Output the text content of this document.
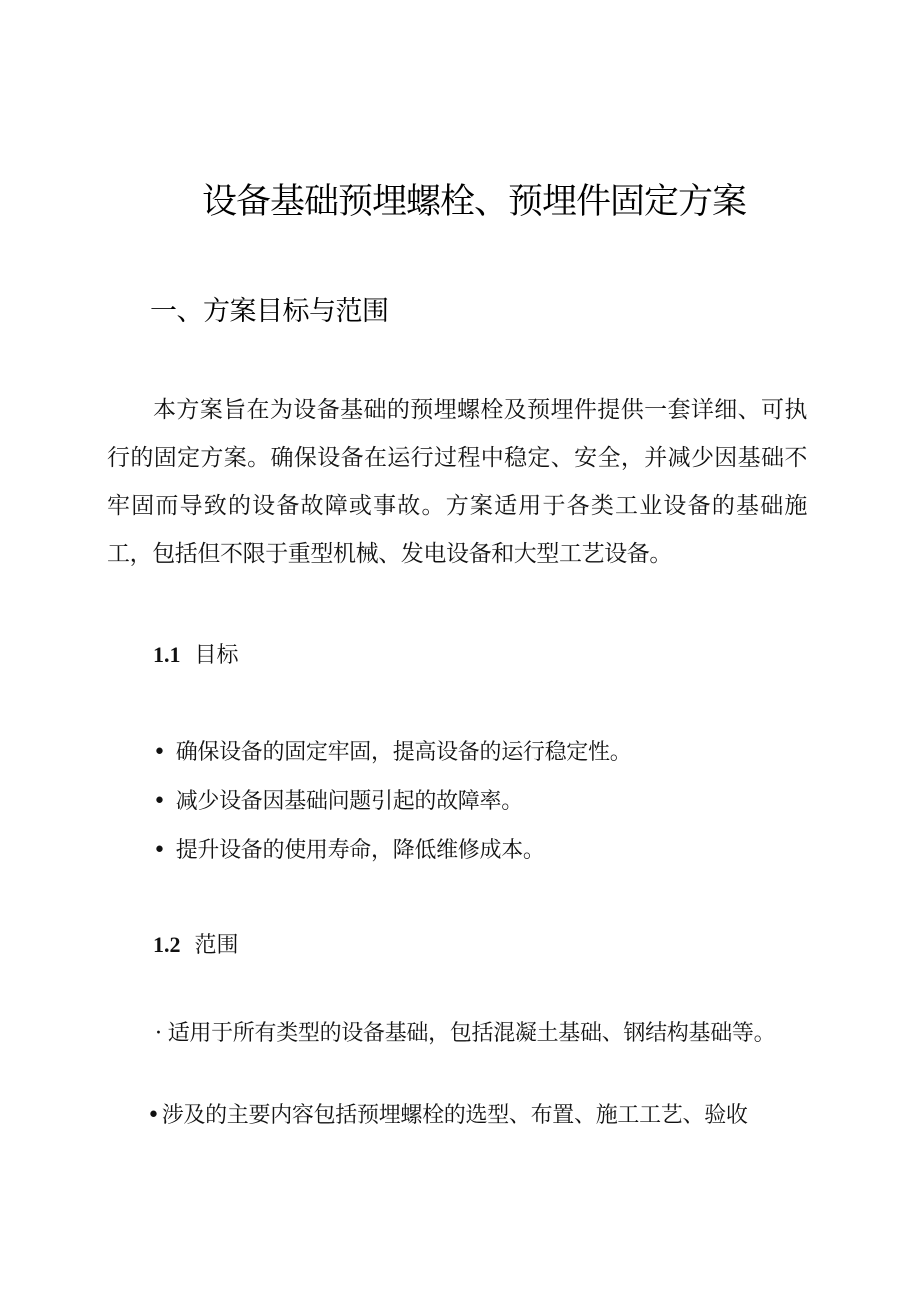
设备基础预埋螺栓、预埋件固定方案
一、方案目标与范围

本方案旨在为设备基础的预埋螺栓及预埋件提供一套详细、可执行的固定方案。确保设备在运行过程中稳定、安全，并减少因基础不牢固而导致的设备故障或事故。方案适用于各类工业设备的基础施工，包括但不限于重型机械、发电设备和大型工艺设备。

1.1 目标
• 确保设备的固定牢固，提高设备的运行稳定性。
• 减少设备因基础问题引起的故障率。
• 提升设备的使用寿命，降低维修成本。
1.2 范围

· 适用于所有类型的设备基础，包括混凝土基础、钢结构基础等。

•涉及的主要内容包括预埋螺栓的选型、布置、施工工艺、验收
